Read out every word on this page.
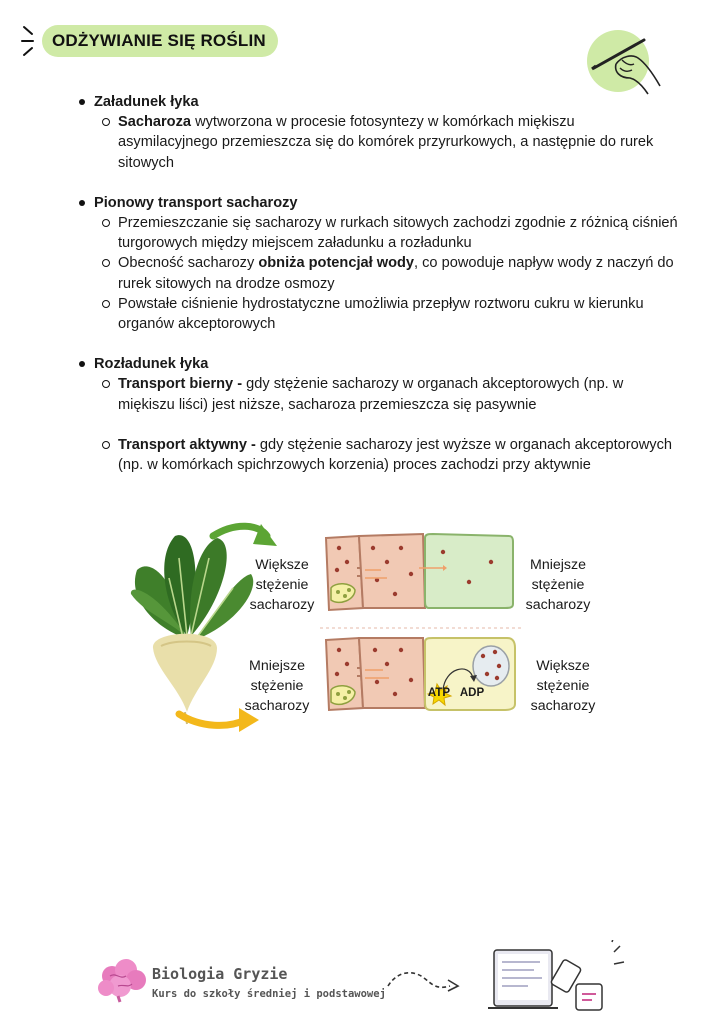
ODŻYWIANIE SIĘ ROŚLIN
Załadunek łyka
Sacharoza wytworzona w procesie fotosyntezy w komórkach miękiszu asymilacyjnego przemieszcza się do komórek przyrurkowych, a następnie do rurek sitowych
Pionowy transport sacharozy
Przemieszczanie się sacharozy w rurkach sitowych zachodzi zgodnie z różnicą ciśnień turgorowych między miejscem załadunku a rozładunku
Obecność sacharozy obniża potencjał wody, co powoduje napływ wody z naczyń do rurek sitowych na drodze osmozy
Powstałe ciśnienie hydrostatyczne umożliwia przepływ roztworu cukru w kierunku organów akceptorowych
Rozładunek łyka
Transport bierny - gdy stężenie sacharozy w organach akceptorowych (np. w miękiszu liści) jest niższe, sacharoza przemieszcza się pasywnie
Transport aktywny - gdy stężenie sacharozy jest wyższe w organach akceptorowych (np. w komórkach spichrzowych korzenia) proces zachodzi przy aktywnie
Większe stężenie sacharozy
Mniejsze stężenie sacharozy
Mniejsze stężenie sacharozy
Większe stężenie sacharozy
ATP ADP
Biologia Gryzie
Kurs do szkoły średniej i podstawowej
